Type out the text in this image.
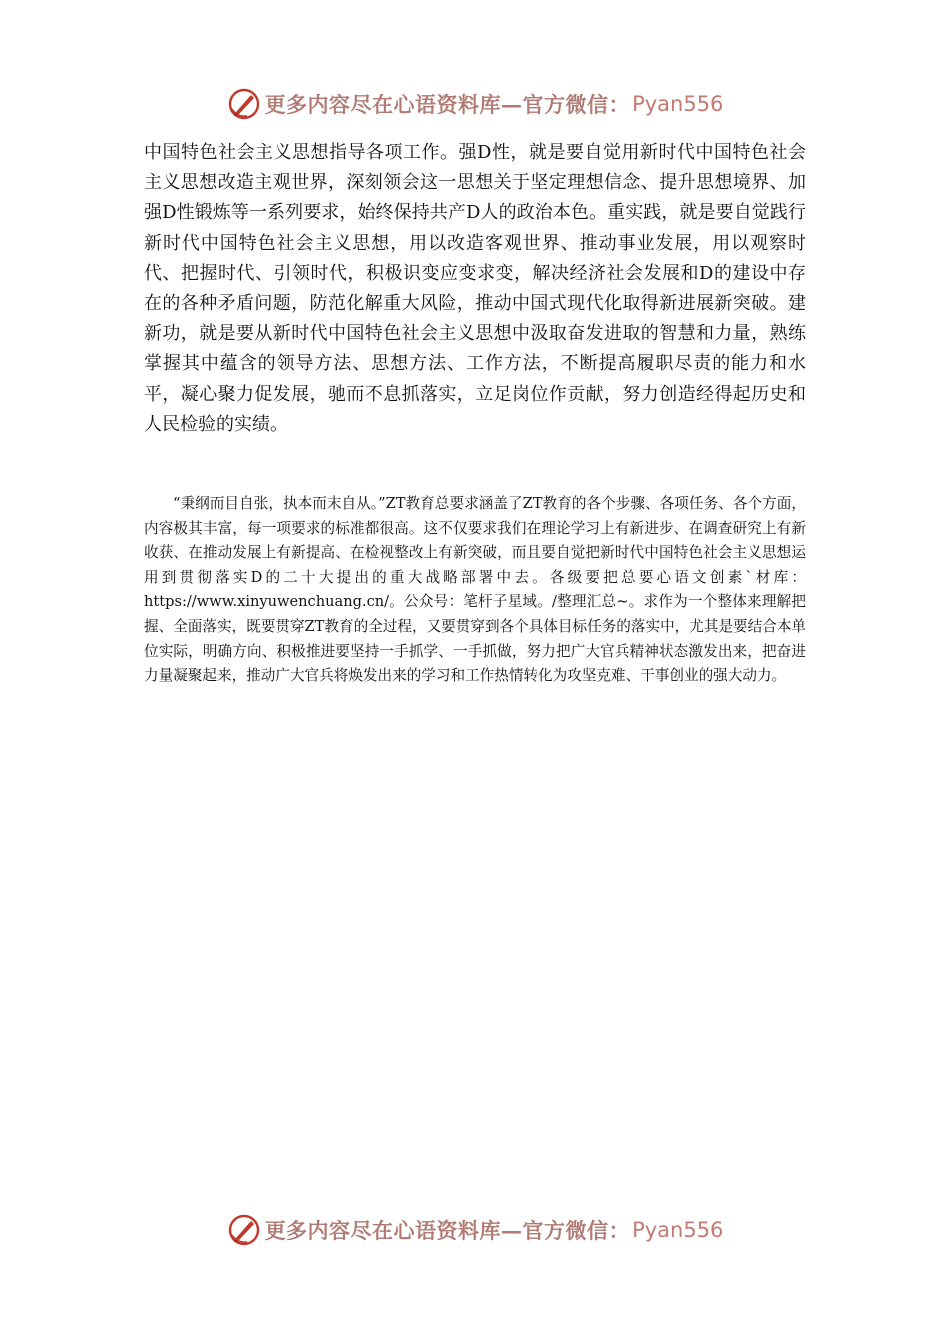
更多内容尽在心语资料库—官方微信： Pyan556

中国特色社会主义思想指导各项工作。强D性，就是要自觉用新时代中国特色社会主义思想改造主观世界，深刻领会这一思想关于坚定理想信念、提升思想境界、加强D性锻炼等一系列要求，始终保持共产D人的政治本色。重实践，就是要自觉践行新时代中国特色社会主义思想，用以改造客观世界、推动事业发展，用以观察时代、把握时代、引领时代，积极识变应变求变，解决经济社会发展和D的建设中存在的各种矛盾问题，防范化解重大风险，推动中国式现代化取得新进展新突破。建新功，就是要从新时代中国特色社会主义思想中汲取奋发进取的智慧和力量，熟练掌握其中蕴含的领导方法、思想方法、工作方法，不断提高履职尽责的能力和水平，凝心聚力促发展，驰而不息抓落实，立足岗位作贡献，努力创造经得起历史和人民检验的实绩。

“秉纲而目自张，执本而末自从。”ZT教育总要求涵盖了ZT教育的各个步骤、各项任务、各个方面，内容极其丰富，每一项要求的标准都很高。这不仅要求我们在理论学习上有新进步、在调查研究上有新收获、在推动发展上有新提高、在检视整改上有新突破，而且要自觉把新时代中国特色社会主义思想运用到贯彻落实D的二十大提出的重大战略部署中去。各级要把总要心语文创素`材库：https://www.xinyuwenchuang.cn/。公众号：笔杆子星域。/整理汇总~。求作为一个整体来理解把握、全面落实，既要贯穿ZT教育的全过程，又要贯穿到各个具体目标任务的落实中，尤其是要结合本单位实际，明确方向、积极推进要坚持一手抓学、一手抓做，努力把广大官兵精神状态激发出来，把奋进力量凝聚起来，推动广大官兵将焕发出来的学习和工作热情转化为攻坚克难、干事创业的强大动力。

更多内容尽在心语资料库—官方微信： Pyan556
